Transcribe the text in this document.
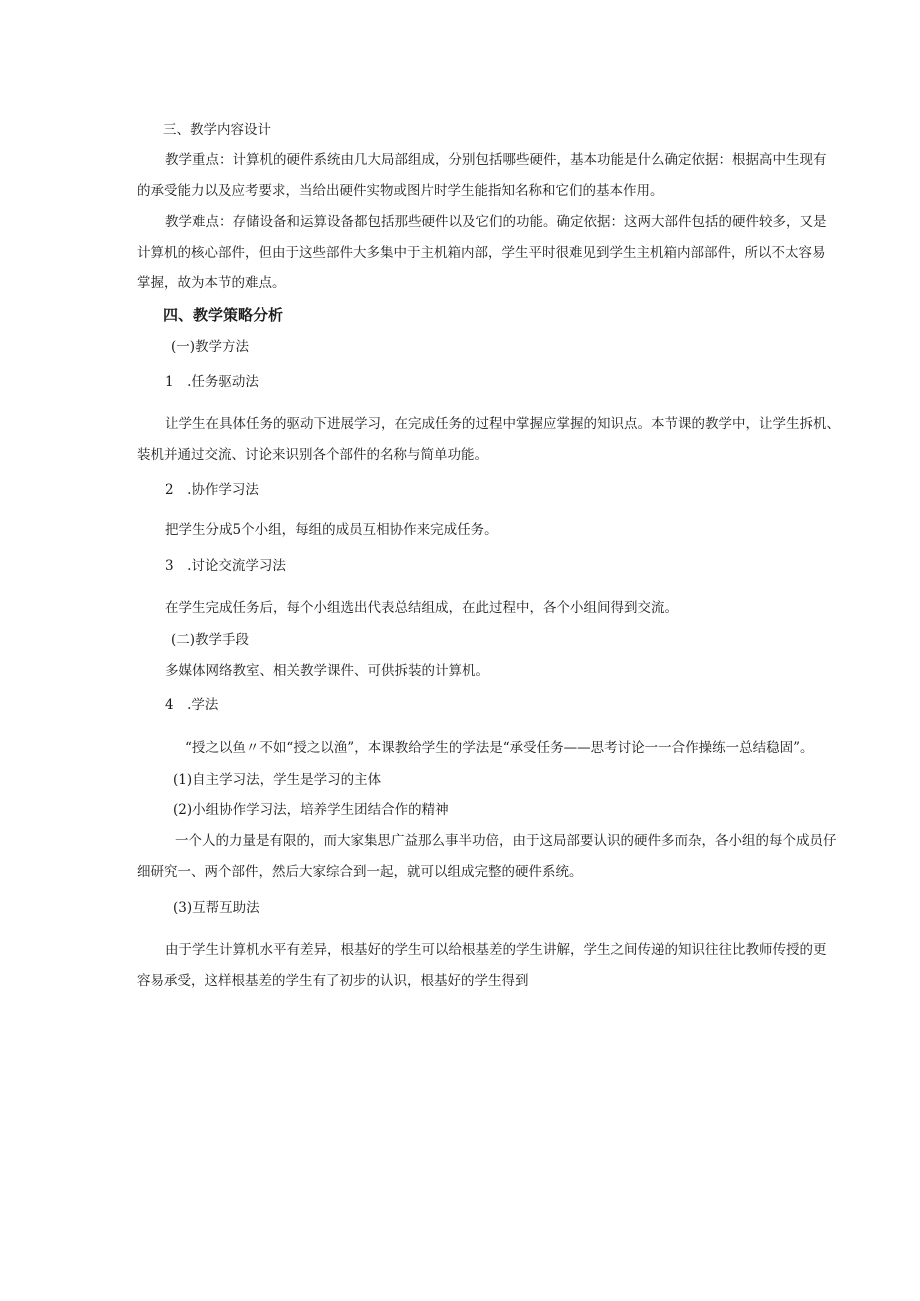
三、教学内容设计

教学重点：计算机的硬件系统由几大局部组成，分别包括哪些硬件，基本功能是什么确定依据：根据高中生现有

的承受能力以及应考要求，当给出硬件实物或图片时学生能指知名称和它们的基本作用。

教学难点：存储设备和运算设备都包括那些硬件以及它们的功能。确定依据：这两大部件包括的硬件较多，又是

计算机的核心部件，但由于这些部件大多集中于主机箱内部，学生平时很难见到学生主机箱内部部件，所以不太容易

掌握，故为本节的难点。

四、教学策略分析

(一)教学方法

1　.任务驱动法

让学生在具体任务的驱动下进展学习，在完成任务的过程中掌握应掌握的知识点。本节课的教学中，让学生拆机、

装机并通过交流、讨论来识别各个部件的名称与简单功能。

2　.协作学习法

把学生分成5个小组，每组的成员互相协作来完成任务。

3　.讨论交流学习法

在学生完成任务后，每个小组选出代表总结组成，在此过程中，各个小组间得到交流。

(二)教学手段

多媒体网络教室、相关教学课件、可供拆装的计算机。

4　.学法

“授之以鱼〃不如“授之以渔”，本课教给学生的学法是“承受任务——思考讨论一一合作操练一总结稳固”。

(1)自主学习法，学生是学习的主体

(2)小组协作学习法，培养学生团结合作的精神

一个人的力量是有限的，而大家集思广益那么事半功倍，由于这局部要认识的硬件多而杂，各小组的每个成员仔

细研究一、两个部件，然后大家综合到一起，就可以组成完整的硬件系统。

(3)互帮互助法

由于学生计算机水平有差异，根基好的学生可以给根基差的学生讲解，学生之间传递的知识往往比教师传授的更

容易承受，这样根基差的学生有了初步的认识，根基好的学生得到
